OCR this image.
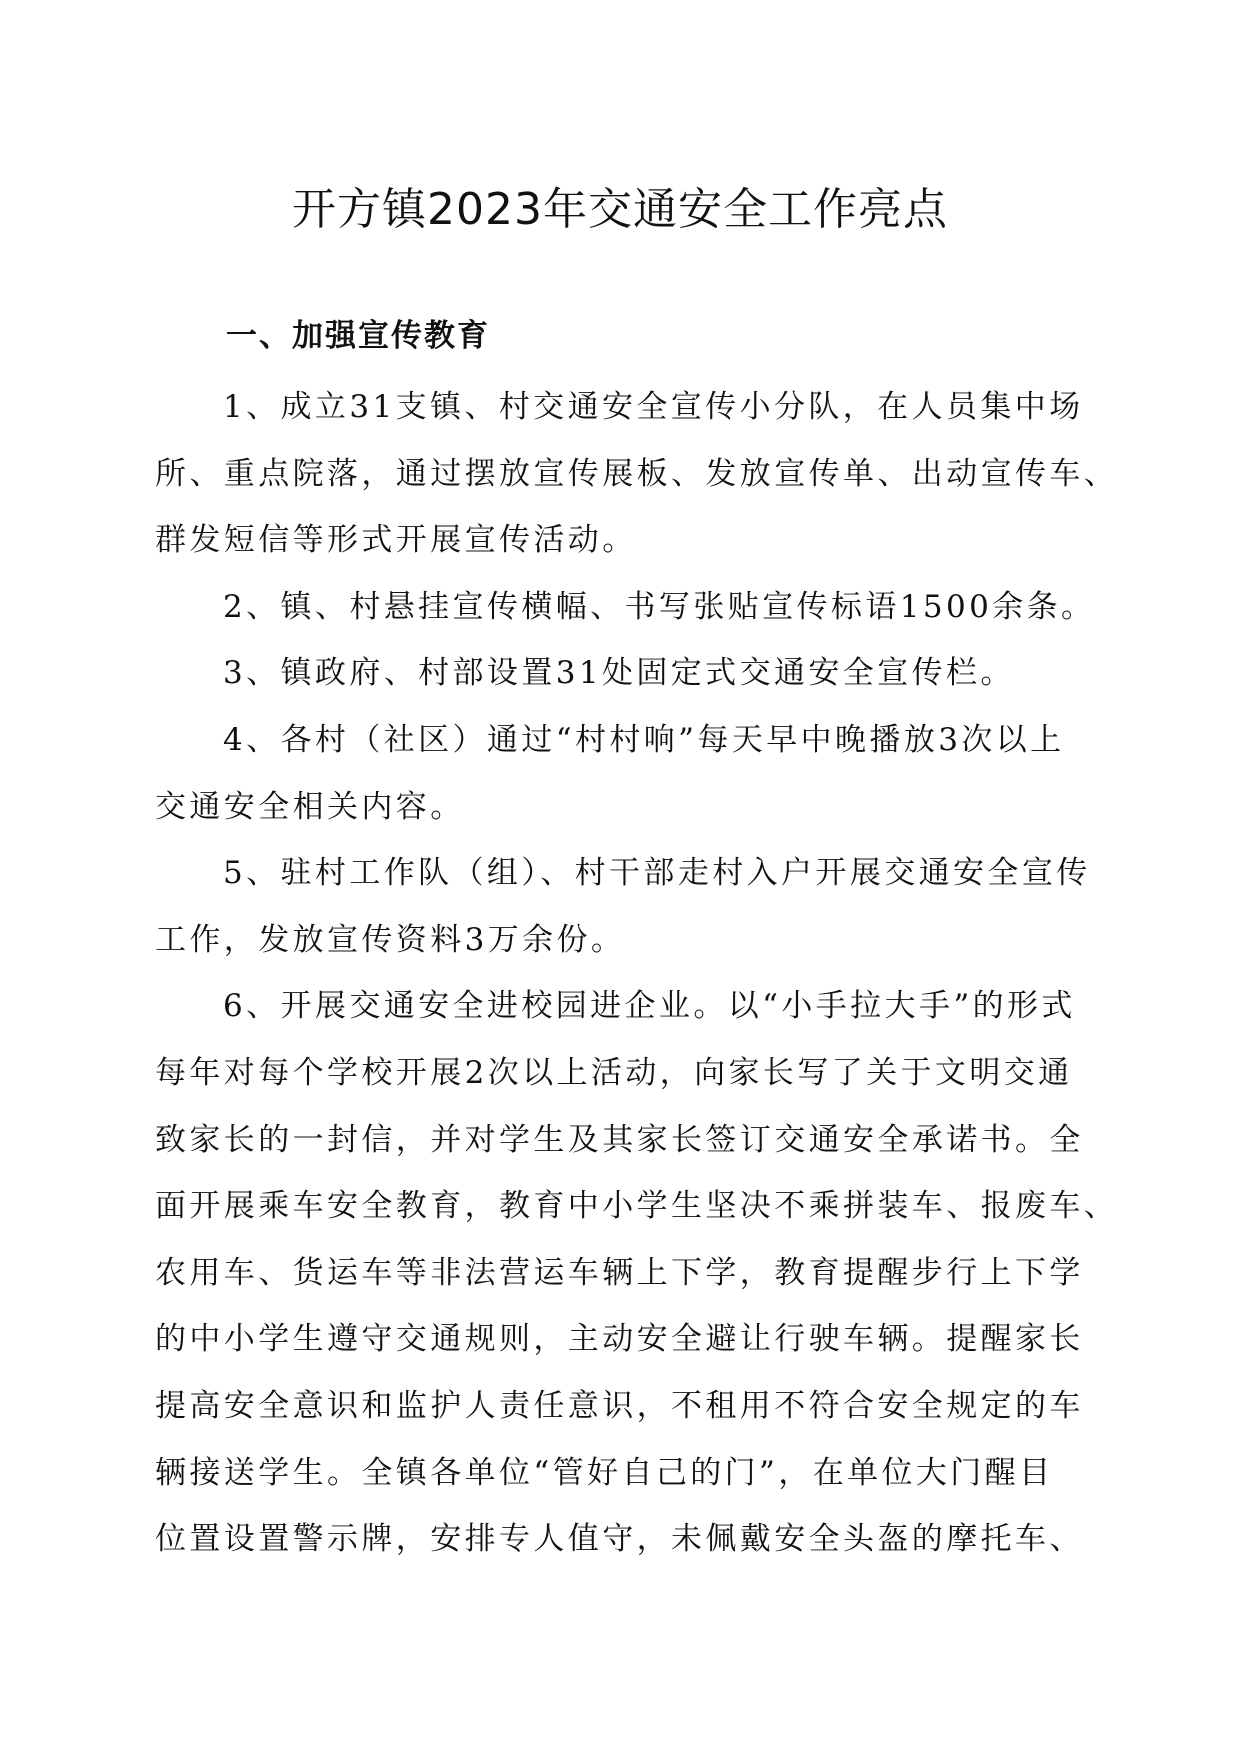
开方镇2023年交通安全工作亮点
一、加强宣传教育
1、成立31支镇、村交通安全宣传小分队，在人员集中场
所、重点院落，通过摆放宣传展板、发放宣传单、出动宣传车、
群发短信等形式开展宣传活动。
2、镇、村悬挂宣传横幅、书写张贴宣传标语1500余条。
3、镇政府、村部设置31处固定式交通安全宣传栏。
4、各村（社区）通过“村村响”每天早中晚播放3次以上
交通安全相关内容。
5、驻村工作队（组）、村干部走村入户开展交通安全宣传
工作，发放宣传资料3万余份。
6、开展交通安全进校园进企业。以“小手拉大手”的形式
每年对每个学校开展2次以上活动，向家长写了关于文明交通
致家长的一封信，并对学生及其家长签订交通安全承诺书。全
面开展乘车安全教育，教育中小学生坚决不乘拼装车、报废车、
农用车、货运车等非法营运车辆上下学，教育提醒步行上下学
的中小学生遵守交通规则，主动安全避让行驶车辆。提醒家长
提高安全意识和监护人责任意识，不租用不符合安全规定的车
辆接送学生。全镇各单位“管好自己的门”，在单位大门醒目
位置设置警示牌，安排专人值守，未佩戴安全头盔的摩托车、
